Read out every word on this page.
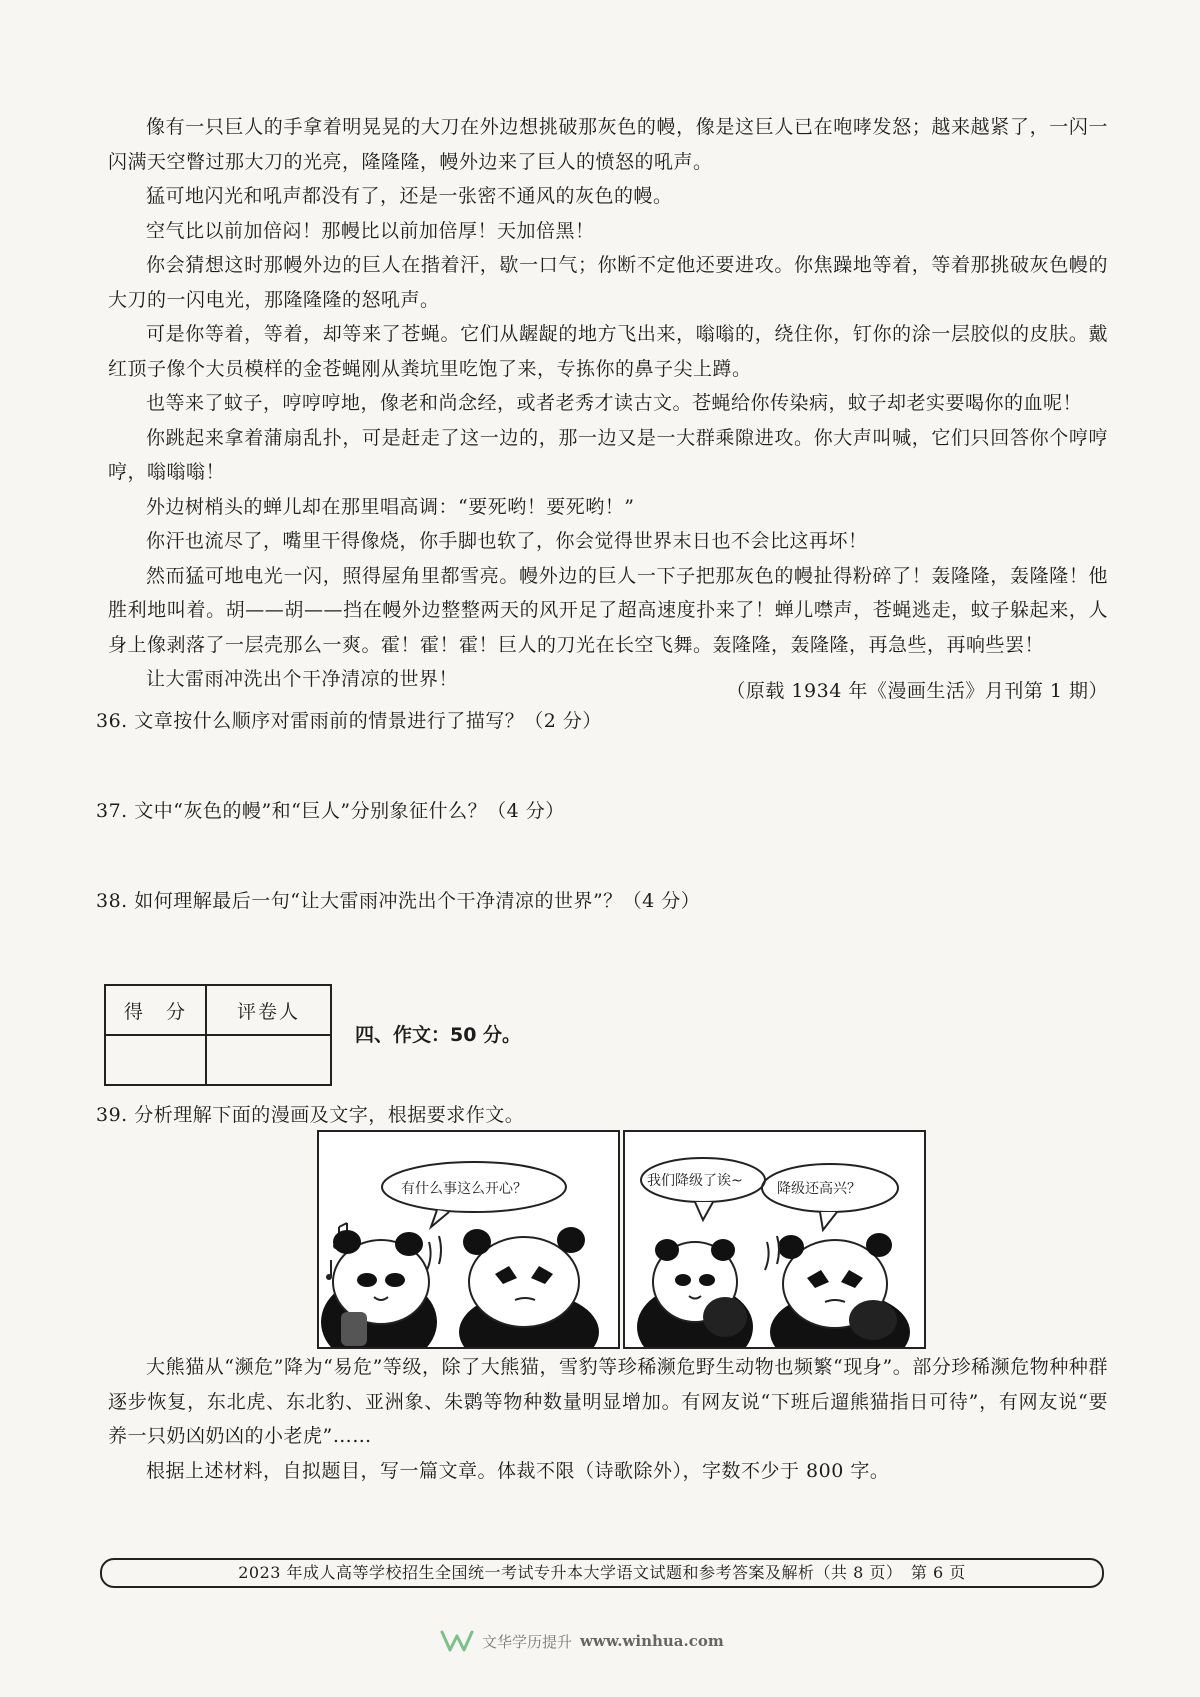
像有一只巨人的手拿着明晃晃的大刀在外边想挑破那灰色的幔，像是这巨人已在咆哮发怒；越来越紧了，一闪一闪满天空瞥过那大刀的光亮，隆隆隆，幔外边来了巨人的愤怒的吼声。

猛可地闪光和吼声都没有了，还是一张密不通风的灰色的幔。

空气比以前加倍闷！那幔比以前加倍厚！天加倍黑！

你会猜想这时那幔外边的巨人在揩着汗，歇一口气；你断不定他还要进攻。你焦躁地等着，等着那挑破灰色幔的大刀的一闪电光，那隆隆隆的怒吼声。

可是你等着，等着，却等来了苍蝇。它们从龌龊的地方飞出来，嗡嗡的，绕住你，钉你的涂一层胶似的皮肤。戴红顶子像个大员模样的金苍蝇刚从粪坑里吃饱了来，专拣你的鼻子尖上蹲。

也等来了蚊子，哼哼哼地，像老和尚念经，或者老秀才读古文。苍蝇给你传染病，蚊子却老实要喝你的血呢！

你跳起来拿着蒲扇乱扑，可是赶走了这一边的，那一边又是一大群乘隙进攻。你大声叫喊，它们只回答你个哼哼哼，嗡嗡嗡！

外边树梢头的蝉儿却在那里唱高调：“要死哟！要死哟！”

你汗也流尽了，嘴里干得像烧，你手脚也软了，你会觉得世界末日也不会比这再坏！

然而猛可地电光一闪，照得屋角里都雪亮。幔外边的巨人一下子把那灰色的幔扯得粉碎了！轰隆隆，轰隆隆！他胜利地叫着。胡——胡——挡在幔外边整整两天的风开足了超高速度扑来了！蝉儿噤声，苍蝇逃走，蚊子躲起来，人身上像剥落了一层壳那么一爽。霍！霍！霍！巨人的刀光在长空飞舞。轰隆隆，轰隆隆，再急些，再响些罢！

让大雷雨冲洗出个干净清凉的世界！

（原载 1934 年《漫画生活》月刊第 1 期）
36. 文章按什么顺序对雷雨前的情景进行了描写？（2 分）
37. 文中“灰色的幔”和“巨人”分别象征什么？（4 分）
38. 如何理解最后一句“让大雷雨冲洗出个干净清凉的世界”？（4 分）
得　分	评卷人

四、作文：50 分。
39. 分析理解下面的漫画及文字，根据要求作文。
有什么事这么开心？	我们降级了诶~ 降级还高兴？

大熊猫从“濒危”降为“易危”等级，除了大熊猫，雪豹等珍稀濒危野生动物也频繁“现身”。部分珍稀濒危物种种群逐步恢复，东北虎、东北豹、亚洲象、朱鹮等物种数量明显增加。有网友说“下班后遛熊猫指日可待”，有网友说“要养一只奶凶奶凶的小老虎”……

根据上述材料，自拟题目，写一篇文章。体裁不限（诗歌除外），字数不少于 800 字。

2023 年成人高等学校招生全国统一考试专升本大学语文试题和参考答案及解析（共 8 页）　第 6 页
文华学历提升 www.winhua.com
